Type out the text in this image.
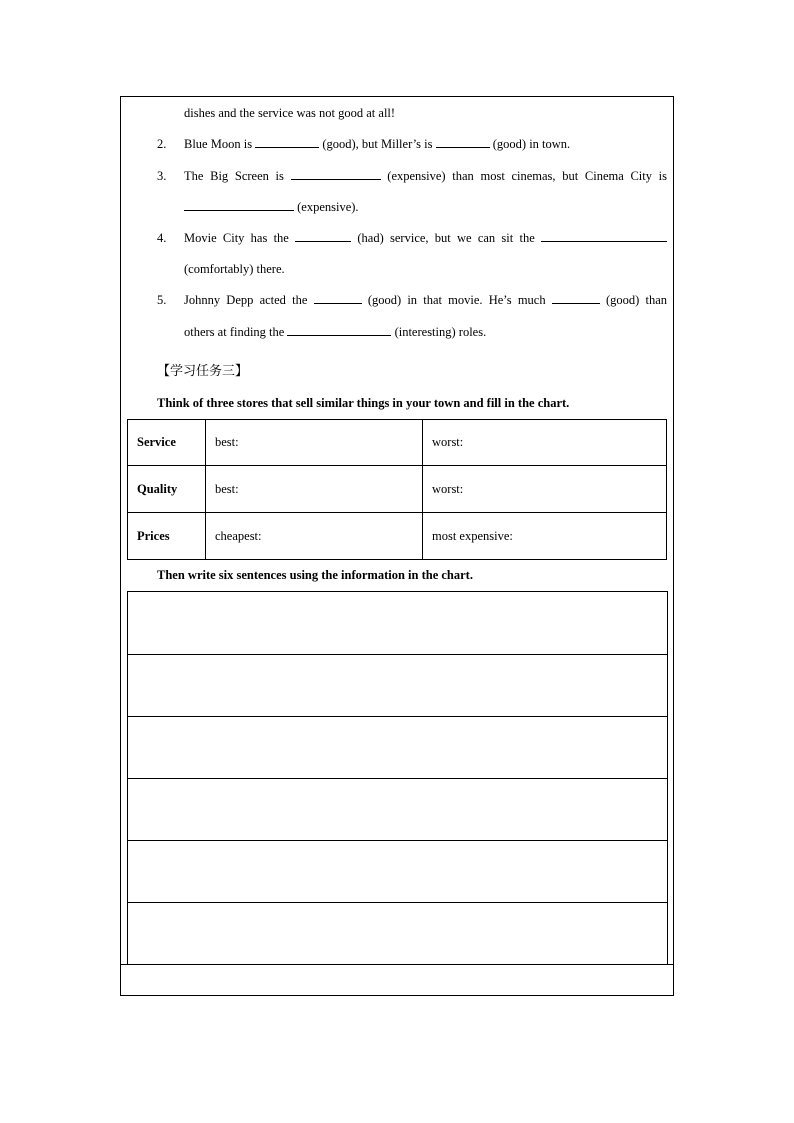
dishes and the service was not good at all!
2. Blue Moon is	(good), but Miller’s is	(good) in town.
3. The Big Screen is	(expensive) than most cinemas, but Cinema City is
(expensive).
4. Movie City has the	(had) service, but we can sit the
(comfortably) there.
5. Johnny Depp acted the	(good) in that movie. He’s much	(good) than
others at finding the	(interesting) roles.
【学习任务三】
Think of three stores that sell similar things in your town and fill in the chart.
Service	best:	worst:
Quality	best:	worst:
Prices	cheapest:	most expensive:
Then write six sentences using the information in the chart.
